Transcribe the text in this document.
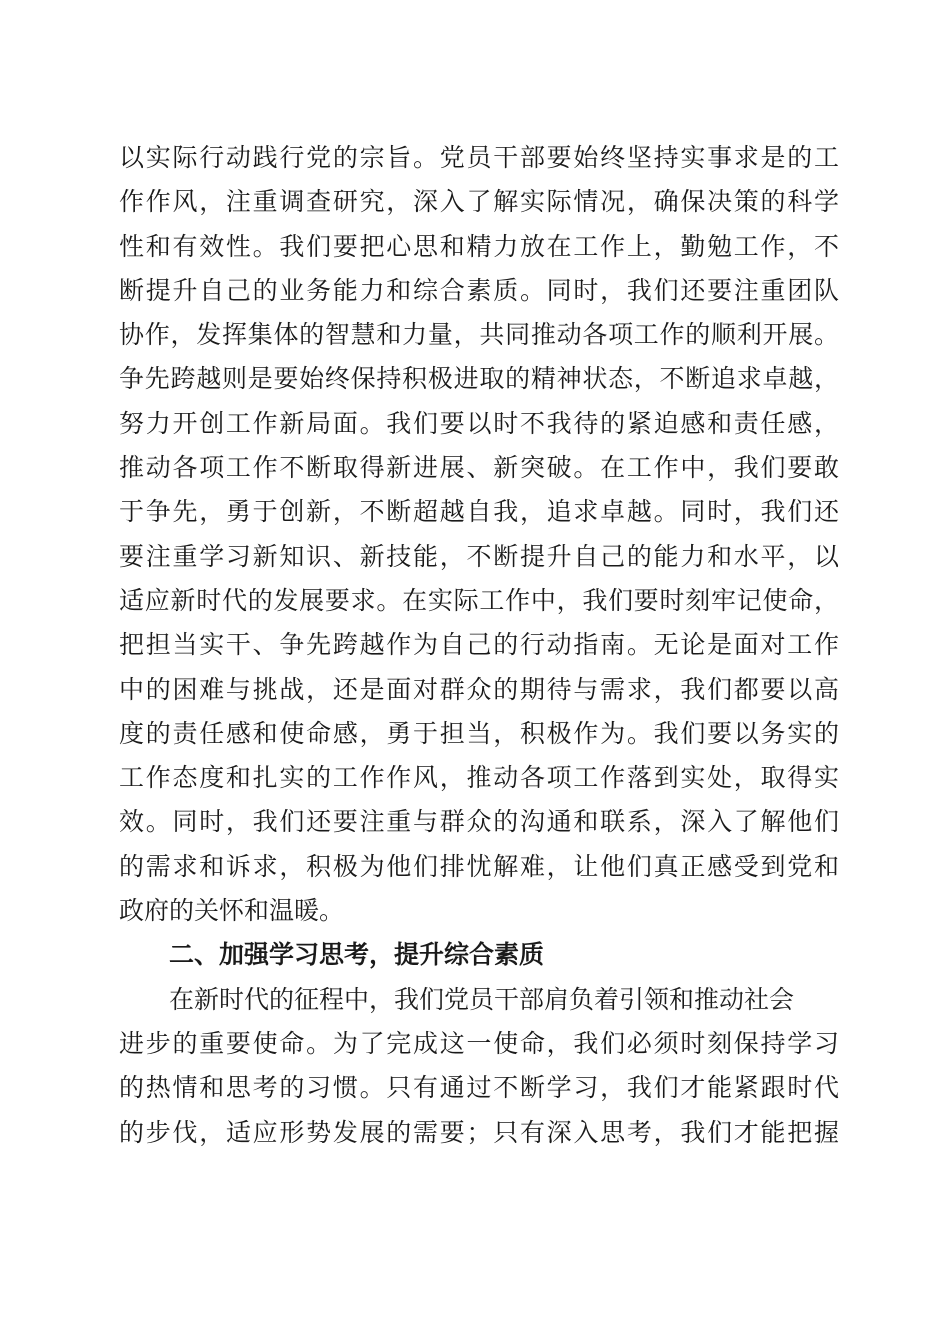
以实际行动践行党的宗旨。党员干部要始终坚持实事求是的工
作作风，注重调查研究，深入了解实际情况，确保决策的科学
性和有效性。我们要把心思和精力放在工作上，勤勉工作，不
断提升自己的业务能力和综合素质。同时，我们还要注重团队
协作，发挥集体的智慧和力量，共同推动各项工作的顺利开展。
争先跨越则是要始终保持积极进取的精神状态，不断追求卓越，
努力开创工作新局面。我们要以时不我待的紧迫感和责任感，
推动各项工作不断取得新进展、新突破。在工作中，我们要敢
于争先，勇于创新，不断超越自我，追求卓越。同时，我们还
要注重学习新知识、新技能，不断提升自己的能力和水平，以
适应新时代的发展要求。在实际工作中，我们要时刻牢记使命，
把担当实干、争先跨越作为自己的行动指南。无论是面对工作
中的困难与挑战，还是面对群众的期待与需求，我们都要以高
度的责任感和使命感，勇于担当，积极作为。我们要以务实的
工作态度和扎实的工作作风，推动各项工作落到实处，取得实
效。同时，我们还要注重与群众的沟通和联系，深入了解他们
的需求和诉求，积极为他们排忧解难，让他们真正感受到党和
政府的关怀和温暖。
二、加强学习思考，提升综合素质
在新时代的征程中，我们党员干部肩负着引领和推动社会
进步的重要使命。为了完成这一使命，我们必须时刻保持学习
的热情和思考的习惯。只有通过不断学习，我们才能紧跟时代
的步伐，适应形势发展的需要；只有深入思考，我们才能把握
